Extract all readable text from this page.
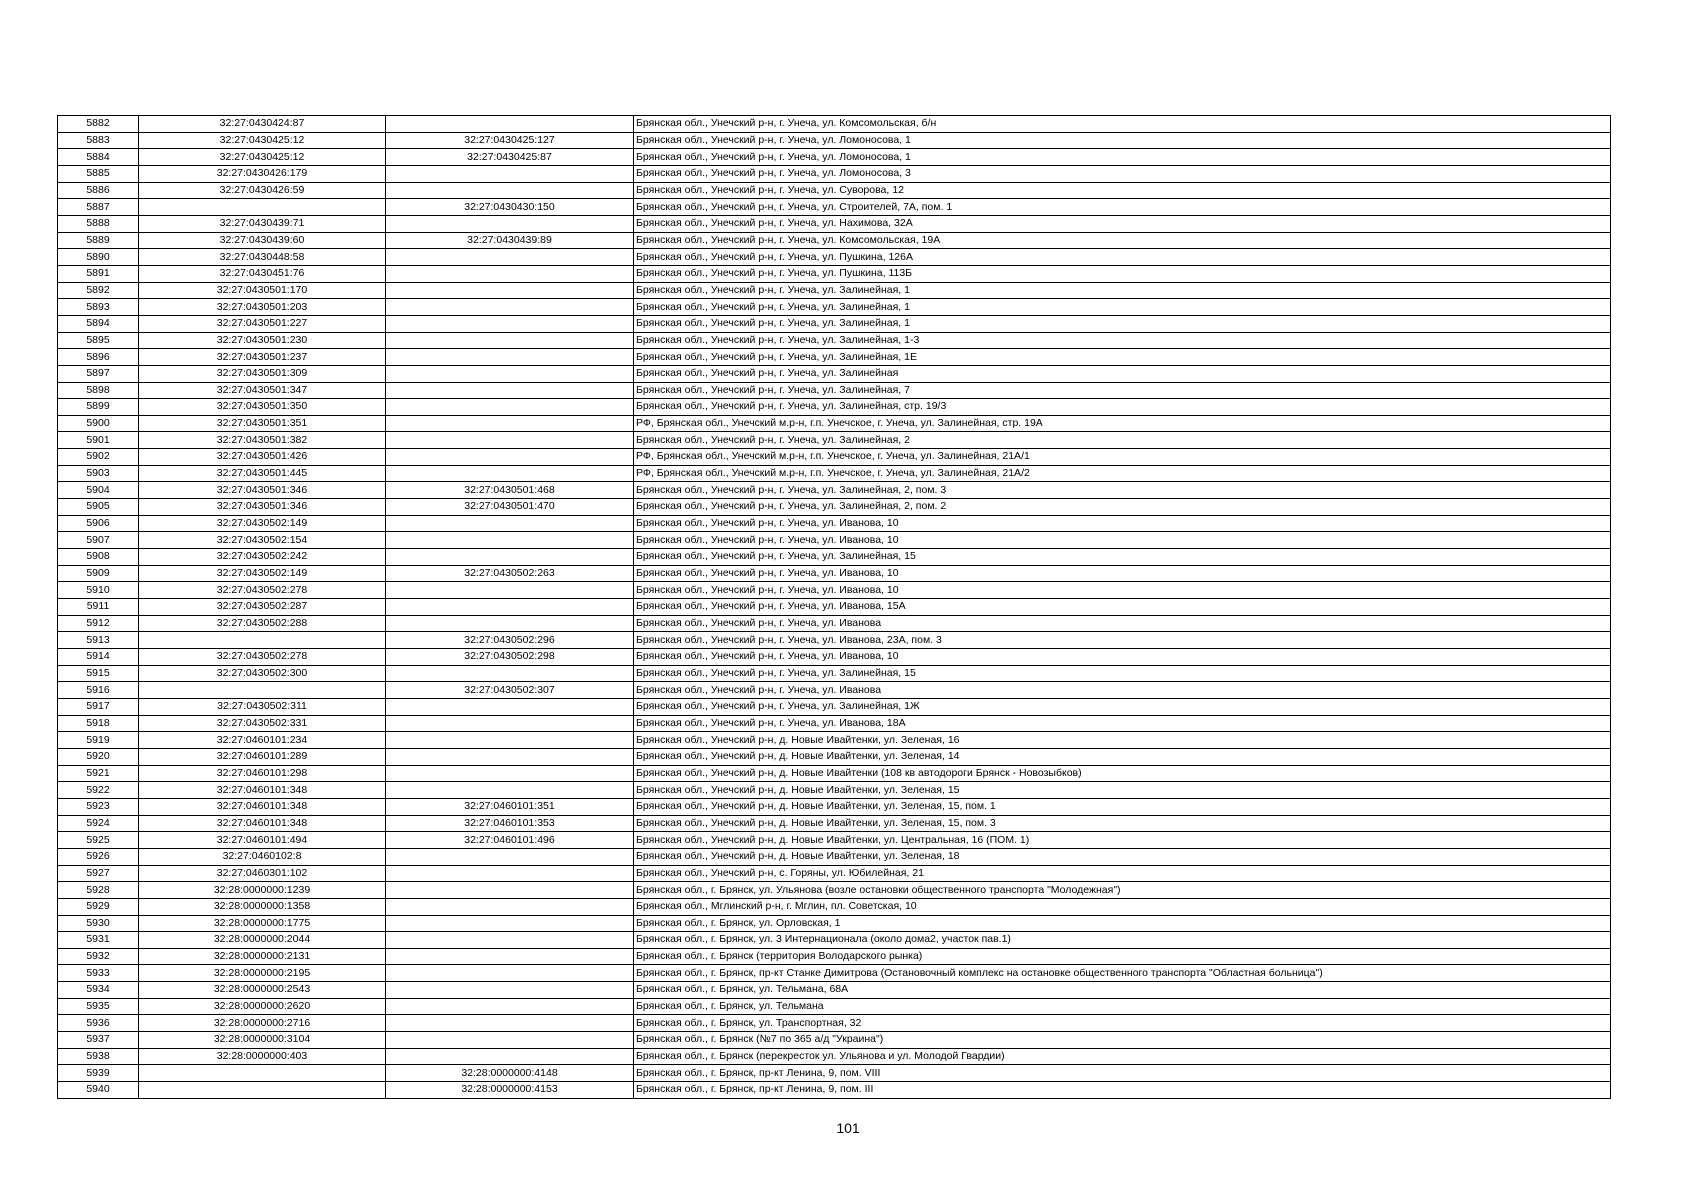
5882	32:27:0430424:87		Брянская обл., Унечский р-н, г. Унеча, ул. Комсомольская, б/н
5883	32:27:0430425:12	32:27:0430425:127	Брянская обл., Унечский р-н, г. Унеча, ул. Ломоносова, 1
5884	32:27:0430425:12	32:27:0430425:87	Брянская обл., Унечский р-н, г. Унеча, ул. Ломоносова, 1
5885	32:27:0430426:179		Брянская обл., Унечский р-н, г. Унеча, ул. Ломоносова, 3
5886	32:27:0430426:59		Брянская обл., Унечский р-н, г. Унеча, ул. Суворова, 12
5887		32:27:0430430:150	Брянская обл., Унечский р-н, г. Унеча, ул. Строителей, 7А, пом. 1
5888	32:27:0430439:71		Брянская обл., Унечский р-н, г. Унеча, ул. Нахимова, 32А
5889	32:27:0430439:60	32:27:0430439:89	Брянская обл., Унечский р-н, г. Унеча, ул. Комсомольская, 19А
5890	32:27:0430448:58		Брянская обл., Унечский р-н, г. Унеча, ул. Пушкина, 126А
5891	32:27:0430451:76		Брянская обл., Унечский р-н, г. Унеча, ул. Пушкина, 113Б
5892	32:27:0430501:170		Брянская обл., Унечский р-н, г. Унеча, ул. Залинейная, 1
5893	32:27:0430501:203		Брянская обл., Унечский р-н, г. Унеча, ул. Залинейная, 1
5894	32:27:0430501:227		Брянская обл., Унечский р-н, г. Унеча, ул. Залинейная, 1
5895	32:27:0430501:230		Брянская обл., Унечский р-н, г. Унеча, ул. Залинейная, 1-3
5896	32:27:0430501:237		Брянская обл., Унечский р-н, г. Унеча, ул. Залинейная, 1Е
5897	32:27:0430501:309		Брянская обл., Унечский р-н, г. Унеча, ул. Залинейная
5898	32:27:0430501:347		Брянская обл., Унечский р-н, г. Унеча, ул. Залинейная, 7
5899	32:27:0430501:350		Брянская обл., Унечский р-н, г. Унеча, ул. Залинейная, стр. 19/3
5900	32:27:0430501:351		РФ, Брянская обл., Унечский м.р-н, г.п. Унечское, г. Унеча, ул. Залинейная, стр. 19А
5901	32:27:0430501:382		Брянская обл., Унечский р-н, г. Унеча, ул. Залинейная, 2
5902	32:27:0430501:426		РФ, Брянская обл., Унечский м.р-н, г.п. Унечское, г. Унеча, ул. Залинейная, 21А/1
5903	32:27:0430501:445		РФ, Брянская обл., Унечский м.р-н, г.п. Унечское, г. Унеча, ул. Залинейная, 21А/2
5904	32:27:0430501:346	32:27:0430501:468	Брянская обл., Унечский р-н, г. Унеча, ул. Залинейная, 2, пом. 3
5905	32:27:0430501:346	32:27:0430501:470	Брянская обл., Унечский р-н, г. Унеча, ул. Залинейная, 2, пом. 2
5906	32:27:0430502:149		Брянская обл., Унечский р-н, г. Унеча, ул. Иванова, 10
5907	32:27:0430502:154		Брянская обл., Унечский р-н, г. Унеча, ул. Иванова, 10
5908	32:27:0430502:242		Брянская обл., Унечский р-н, г. Унеча, ул. Залинейная, 15
5909	32:27:0430502:149	32:27:0430502:263	Брянская обл., Унечский р-н, г. Унеча, ул. Иванова, 10
5910	32:27:0430502:278		Брянская обл., Унечский р-н, г. Унеча, ул. Иванова, 10
5911	32:27:0430502:287		Брянская обл., Унечский р-н, г. Унеча, ул. Иванова, 15А
5912	32:27:0430502:288		Брянская обл., Унечский р-н, г. Унеча, ул. Иванова
5913		32:27:0430502:296	Брянская обл., Унечский р-н, г. Унеча, ул. Иванова, 23А, пом. 3
5914	32:27:0430502:278	32:27:0430502:298	Брянская обл., Унечский р-н, г. Унеча, ул. Иванова, 10
5915	32:27:0430502:300		Брянская обл., Унечский р-н, г. Унеча, ул. Залинейная, 15
5916		32:27:0430502:307	Брянская обл., Унечский р-н, г. Унеча, ул. Иванова
5917	32:27:0430502:311		Брянская обл., Унечский р-н, г. Унеча, ул. Залинейная, 1Ж
5918	32:27:0430502:331		Брянская обл., Унечский р-н, г. Унеча, ул. Иванова, 18А
5919	32:27:0460101:234		Брянская обл., Унечский р-н, д. Новые Ивайтенки, ул. Зеленая, 16
5920	32:27:0460101:289		Брянская обл., Унечский р-н, д. Новые Ивайтенки, ул. Зеленая, 14
5921	32:27:0460101:298		Брянская обл., Унечский р-н, д. Новые Ивайтенки (108 кв автодороги Брянск - Новозыбков)
5922	32:27:0460101:348		Брянская обл., Унечский р-н, д. Новые Ивайтенки, ул. Зеленая, 15
5923	32:27:0460101:348	32:27:0460101:351	Брянская обл., Унечский р-н, д. Новые Ивайтенки, ул. Зеленая, 15, пом. 1
5924	32:27:0460101:348	32:27:0460101:353	Брянская обл., Унечский р-н, д. Новые Ивайтенки, ул. Зеленая, 15, пом. 3
5925	32:27:0460101:494	32:27:0460101:496	Брянская обл., Унечский р-н, д. Новые Ивайтенки, ул. Центральная, 16 (ПОМ. 1)
5926	32:27:0460102:8		Брянская обл., Унечский р-н, д. Новые Ивайтенки, ул. Зеленая, 18
5927	32:27:0460301:102		Брянская обл., Унечский р-н, с. Горяны, ул. Юбилейная, 21
5928	32:28:0000000:1239		Брянская обл., г. Брянск, ул. Ульянова (возле остановки общественного транспорта "Молодежная")
5929	32:28:0000000:1358		Брянская обл., Мглинский р-н, г. Мглин, пл. Советская, 10
5930	32:28:0000000:1775		Брянская обл., г. Брянск, ул. Орловская, 1
5931	32:28:0000000:2044		Брянская обл., г. Брянск, ул. 3 Интернационала (около дома2, участок пав.1)
5932	32:28:0000000:2131		Брянская обл., г. Брянск (территория Володарского рынка)
5933	32:28:0000000:2195		Брянская обл., г. Брянск, пр-кт Станке Димитрова (Остановочный комплекс на остановке общественного транспорта "Областная больница")
5934	32:28:0000000:2543		Брянская обл., г. Брянск, ул. Тельмана, 68А
5935	32:28:0000000:2620		Брянская обл., г. Брянск, ул. Тельмана
5936	32:28:0000000:2716		Брянская обл., г. Брянск, ул. Транспортная, 32
5937	32:28:0000000:3104		Брянская обл., г. Брянск (№7 по 365 а/д "Украина")
5938	32:28:0000000:403		Брянская обл., г. Брянск (перекресток ул. Ульянова и ул. Молодой Гвардии)
5939		32:28:0000000:4148	Брянская обл., г. Брянск, пр-кт Ленина, 9, пом. VIII
5940		32:28:0000000:4153	Брянская обл., г. Брянск, пр-кт Ленина, 9, пом. III
101
